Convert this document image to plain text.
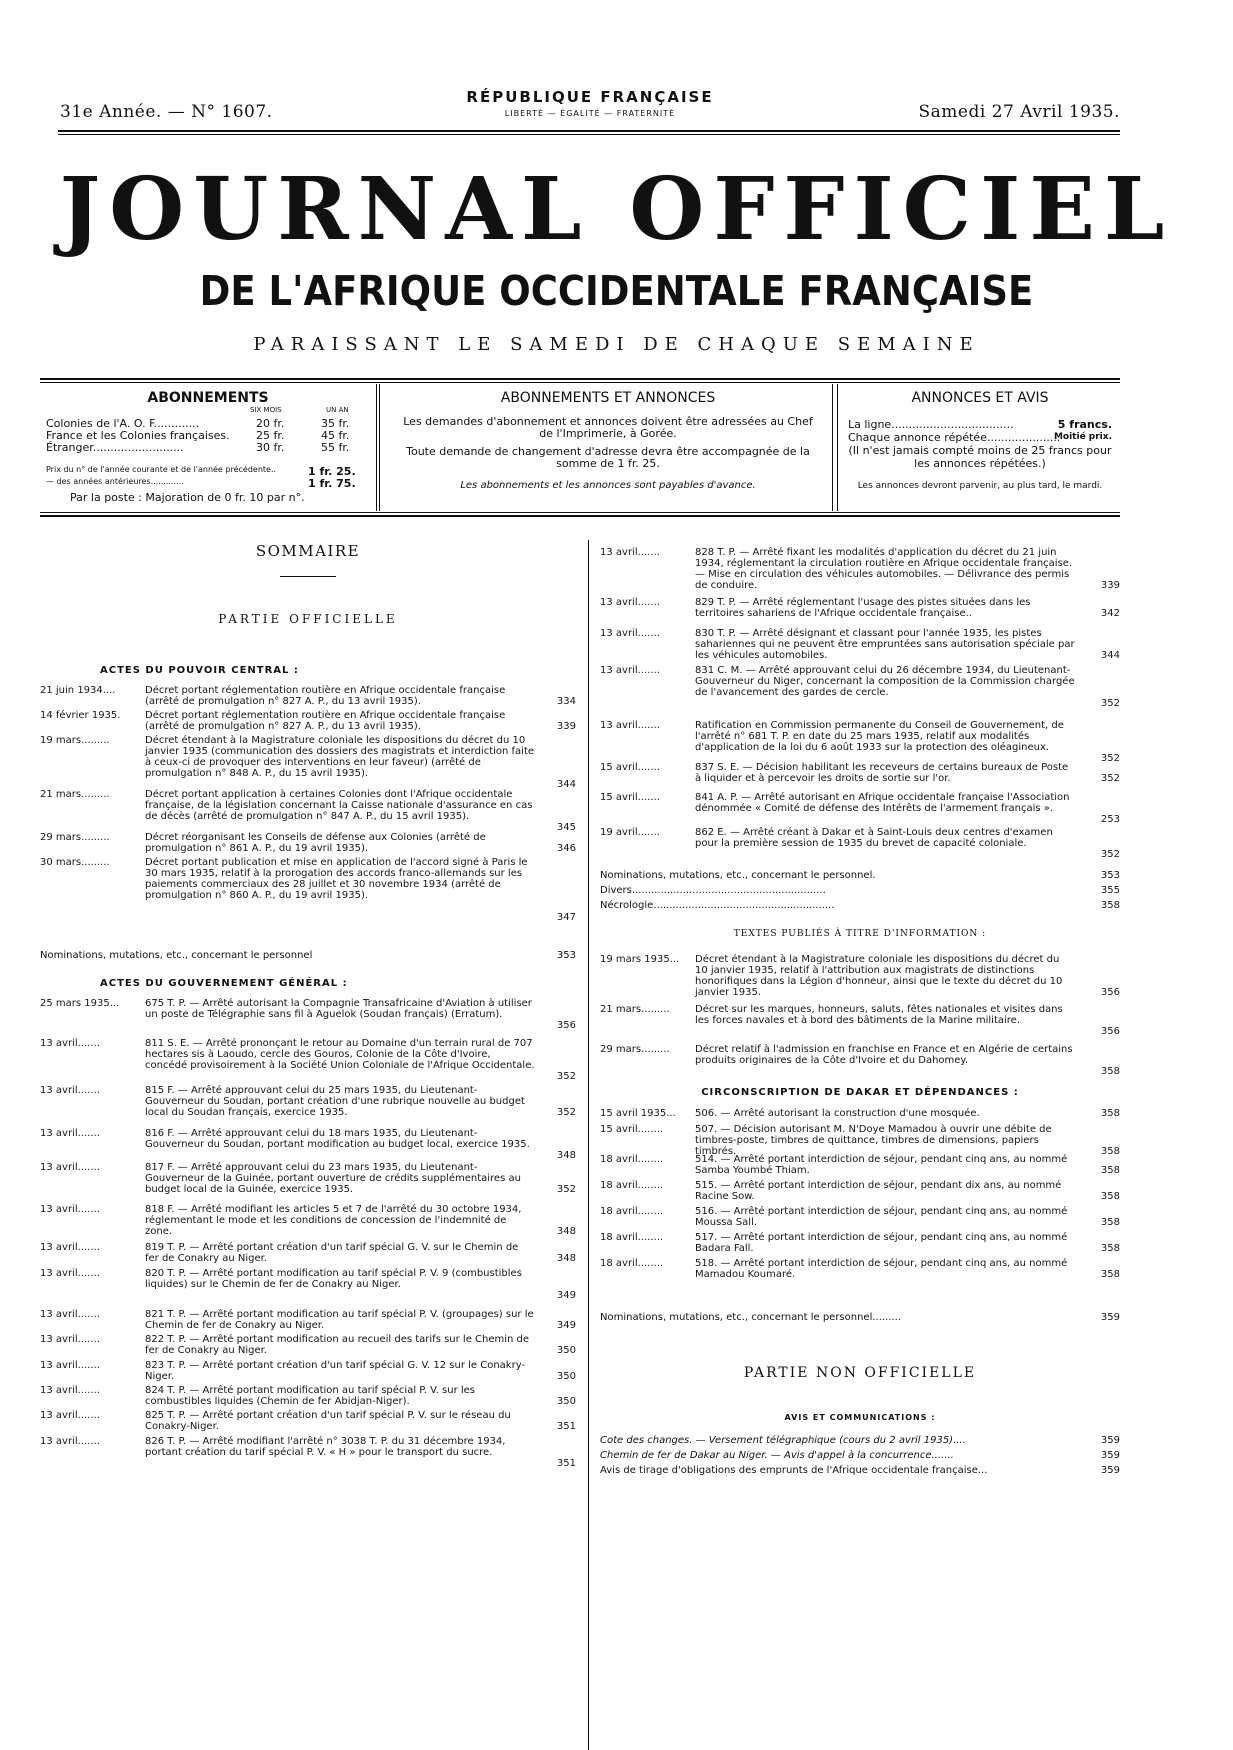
31e Année. — N° 1607.
RÉPUBLIQUE FRANÇAISE
LIBERTÉ — ÉGALITÉ — FRATERNITÉ	Samedi 27 Avril 1935.
JOURNAL OFFICIEL
DE L'AFRIQUE OCCIDENTALE FRANÇAISE
PARAISSANT LE SAMEDI DE CHAQUE SEMAINE
ABONNEMENTS
SIX MOIS	UN AN
Colonies de l'A. O. F.............	20 fr.	35 fr.
France et les Colonies françaises. 25 fr.	45 fr.
Étranger..........................	30 fr.	55 fr.
Prix du n° de l'année courante et de l'année précédente..	1 fr. 25.
— des années antérieures.............	1 fr. 75.
Par la poste : Majoration de 0 fr. 10 par n°.
ABONNEMENTS ET ANNONCES
Les demandes d'abonnement et annonces doivent être adressées au Chef de l'Imprimerie, à Gorée.
Toute demande de changement d'adresse devra être accompagnée de la somme de 1 fr. 25.
Les abonnements et les annonces sont payables d'avance.
ANNONCES ET AVIS
La ligne...................................	5 francs.
Chaque annonce répétée.....................
Moitié prix.
(Il n'est jamais compté moins de 25 francs pour les annonces répétées.)
Les annonces devront parvenir, au plus tard, le mardi.
SOMMAIRE
PARTIE OFFICIELLE
ACTES DU POUVOIR CENTRAL :
21 juin 1934....	Décret portant réglementation routière en Afrique occidentale française (arrêté de promulgation n° 827 A. P., du 13 avril 1935).	334
14 février 1935. Décret portant réglementation routière en Afrique occidentale française (arrêté de promulgation n° 827 A. P., du 13 avril 1935).	339
19 mars.........	Décret étendant à la Magistrature coloniale les dispositions du décret du 10 janvier 1935 (communication des dossiers des magistrats et interdiction faite à ceux-ci de provoquer des interventions en leur faveur) (arrêté de promulgation n° 848 A. P., du 15 avril 1935).
344
21 mars.........	Décret portant application à certaines Colonies dont l'Afrique occidentale française, de la législation concernant la Caisse nationale d'assurance en cas de décès (arrêté de promulgation n° 847 A. P., du 15 avril 1935).
345
29 mars.........	Décret réorganisant les Conseils de défense aux Colonies (arrêté de promulgation n° 861 A. P., du 19 avril 1935).	346
30 mars.........	Décret portant publication et mise en application de l'accord signé à Paris le 30 mars 1935, relatif à la prorogation des accords franco-allemands sur les paiements commerciaux des 28 juillet et 30 novembre 1934 (arrêté de promulgation n° 860 A. P., du 19 avril 1935).
347
Nominations, mutations, etc., concernant le personnel	353
ACTES DU GOUVERNEMENT GÉNÉRAL :
25 mars 1935...	675 T. P. — Arrêté autorisant la Compagnie Transafricaine d'Aviation à utiliser un poste de Télégraphie sans fil à Aguelok (Soudan français) (Erratum).
356
13 avril.......	811 S. E. — Arrêté prononçant le retour au Domaine d'un terrain rural de 707 hectares sis à Laoudo, cercle des Gouros, Colonie de la Côte d'Ivoire, concédé provisoirement à la Société Union Coloniale de l'Afrique Occidentale.
352
13 avril.......	815 F. — Arrêté approuvant celui du 25 mars 1935, du Lieutenant-Gouverneur du Soudan, portant création d'une rubrique nouvelle au budget local du Soudan français, exercice 1935.	352
13 avril.......	816 F. — Arrêté approuvant celui du 18 mars 1935, du Lieutenant-Gouverneur du Soudan, portant modification au budget local, exercice 1935.
348
13 avril.......	817 F. — Arrêté approuvant celui du 23 mars 1935, du Lieutenant-Gouverneur de la Guinée, portant ouverture de crédits supplémentaires au budget local de la Guinée, exercice 1935.	352
13 avril.......	818 F. — Arrêté modifiant les articles 5 et 7 de l'arrêté du 30 octobre 1934, réglementant le mode et les conditions de concession de l'indemnité de zone.	348
13 avril.......	819 T. P. — Arrêté portant création d'un tarif spécial G. V. sur le Chemin de fer de Conakry au Niger.	348
13 avril.......	820 T. P. — Arrêté portant modification au tarif spécial P. V. 9 (combustibles liquides) sur le Chemin de fer de Conakry au Niger.
349
13 avril.......	821 T. P. — Arrêté portant modification au tarif spécial P. V. (groupages) sur le Chemin de fer de Conakry au Niger.	349
13 avril.......	822 T. P. — Arrêté portant modification au recueil des tarifs sur le Chemin de fer de Conakry au Niger.	350
13 avril.......	823 T. P. — Arrêté portant création d'un tarif spécial G. V. 12 sur le Conakry-Niger.	350
13 avril.......	824 T. P. — Arrêté portant modification au tarif spécial P. V. sur les combustibles liquides (Chemin de fer Abidjan-Niger).	350
13 avril.......	825 T. P. — Arrêté portant création d'un tarif spécial P. V. sur le réseau du Conakry-Niger.	351
13 avril.......	826 T. P. — Arrêté modifiant l'arrêté n° 3038 T. P. du 31 décembre 1934, portant création du tarif spécial P. V. « H » pour le transport du sucre.
351
13 avril.......	828 T. P. — Arrêté fixant les modalités d'application du décret du 21 juin 1934, réglementant la circulation routière en Afrique occidentale française. — Mise en circulation des véhicules automobiles. — Délivrance des permis de conduire.	339
13 avril.......	829 T. P. — Arrêté réglementant l'usage des pistes situées dans les territoires sahariens de l'Afrique occidentale française..	342
13 avril.......	830 T. P. — Arrêté désignant et classant pour l'année 1935, les pistes sahariennes qui ne peuvent être empruntées sans autorisation spéciale par les véhicules automobiles.	344
13 avril.......	831 C. M. — Arrêté approuvant celui du 26 décembre 1934, du Lieutenant-Gouverneur du Niger, concernant la composition de la Commission chargée de l'avancement des gardes de cercle.
352
13 avril.......	Ratification en Commission permanente du Conseil de Gouvernement, de l'arrêté n° 681 T. P. en date du 25 mars 1935, relatif aux modalités d'application de la loi du 6 août 1933 sur la protection des oléagineux.
352
15 avril.......	837 S. E. — Décision habilitant les receveurs de certains bureaux de Poste à liquider et à percevoir les droits de sortie sur l'or.	352
15 avril.......	841 A. P. — Arrêté autorisant en Afrique occidentale française l'Association dénommée « Comité de défense des Intérêts de l'armement français ».
253
19 avril.......	862 E. — Arrêté créant à Dakar et à Saint-Louis deux centres d'examen pour la première session de 1935 du brevet de capacité coloniale.
352
Nominations, mutations, etc., concernant le personnel.	353
Divers.............................................................	355
Nécrologie.........................................................	358
TEXTES PUBLIÉS À TITRE D'INFORMATION :
19 mars 1935... Décret étendant à la Magistrature coloniale les dispositions du décret du 10 janvier 1935, relatif à l'attribution aux magistrats de distinctions honorifiques dans la Légion d'honneur, ainsi que le texte du décret du 10 janvier 1935.	356
21 mars.........	Décret sur les marques, honneurs, saluts, fêtes nationales et visites dans les forces navales et à bord des bâtiments de la Marine militaire.
356
29 mars.........	Décret relatif à l'admission en franchise en France et en Algérie de certains produits originaires de la Côte d'Ivoire et du Dahomey.
358
CIRCONSCRIPTION DE DAKAR ET DÉPENDANCES :
15 avril 1935... 506. — Arrêté autorisant la construction d'une mosquée.	358
15 avril........	507. — Décision autorisant M. N'Doye Mamadou à ouvrir une débite de timbres-poste, timbres de quittance, timbres de dimensions, papiers timbrés.	358
18 avril........	514. — Arrêté portant interdiction de séjour, pendant cinq ans, au nommé Samba Youmbé Thiam.	358
18 avril........	515. — Arrêté portant interdiction de séjour, pendant dix ans, au nommé Racine Sow.	358
18 avril........	516. — Arrêté portant interdiction de séjour, pendant cinq ans, au nommé Moussa Sall.	358
18 avril........	517. — Arrêté portant interdiction de séjour, pendant cinq ans, au nommé Badara Fall.	358
18 avril........	518. — Arrêté portant interdiction de séjour, pendant cinq ans, au nommé Mamadou Koumaré.	358
Nominations, mutations, etc., concernant le personnel.........	359
PARTIE NON OFFICIELLE
AVIS ET COMMUNICATIONS :
Cote des changes. — Versement télégraphique (cours du 2 avril 1935)....	359
Chemin de fer de Dakar au Niger. — Avis d'appel à la concurrence.......	359
Avis de tirage d'obligations des emprunts de l'Afrique occidentale française...	359
